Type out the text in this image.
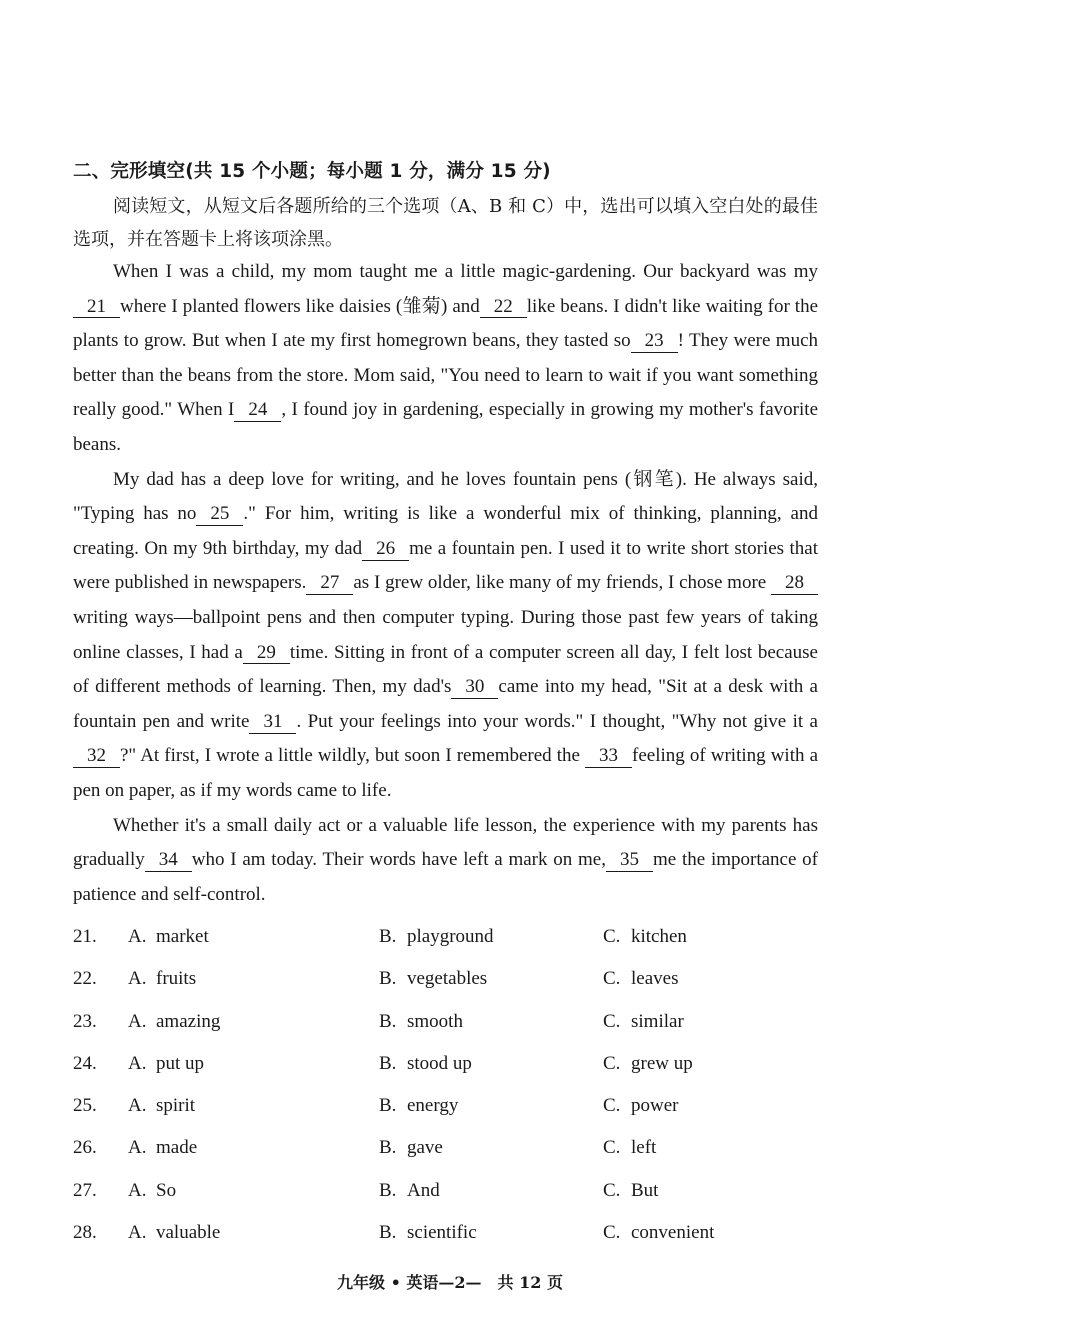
二、完形填空(共 15 个小题；每小题 1 分，满分 15 分)
阅读短文，从短文后各题所给的三个选项（A、B 和 C）中，选出可以填入空白处的最佳选项，并在答题卡上将该项涂黑。

When I was a child, my mom taught me a little magic-gardening. Our backyard was my21 where I planted flowers like daisies (雏菊) and 22 like beans. I didn't like waiting for the plants to grow. But when I ate my first homegrown beans, they tasted so 23 ! They were much better than the beans from the store. Mom said, "You need to learn to wait if you want something really good." When I 24 , I found joy in gardening, especially in growing my mother's favorite beans.

My dad has a deep love for writing, and he loves fountain pens (钢笔). He always said, "Typing has no 25 ." For him, writing is like a wonderful mix of thinking, planning, and creating. On my 9th birthday, my dad 26 me a fountain pen. I used it to write short stories that were published in newspapers. 27 as I grew older, like many of my friends, I chose more 28writing ways—ballpoint pens and then computer typing. During those past few years of taking online classes, I had a 29 time. Sitting in front of a computer screen all day, I felt lost because of different methods of learning. Then, my dad's 30 came into my head, "Sit at a desk with a fountain pen and write 31 . Put your feelings into your words." I thought, "Why not give it a32 ?" At first, I wrote a little wildly, but soon I remembered the 33 feeling of writing with a pen on paper, as if my words came to life.

Whether it's a small daily act or a valuable life lesson, the experience with my parents has gradually 34 who I am today. Their words have left a mark on me, 35 me the importance of patience and self-control.

21. A. market	B. playground	C. kitchen
22. A. fruits	B. vegetables	C. leaves
23. A. amazing	B. smooth	C. similar
24. A. put up	B. stood up	C. grew up
25. A. spirit	B. energy	C. power
26. A. made	B. gave	C. left
27. A. So	B. And	C. But
28. A. valuable	B. scientific	C. convenient
九年级 • 英语—2—　共 12 页
